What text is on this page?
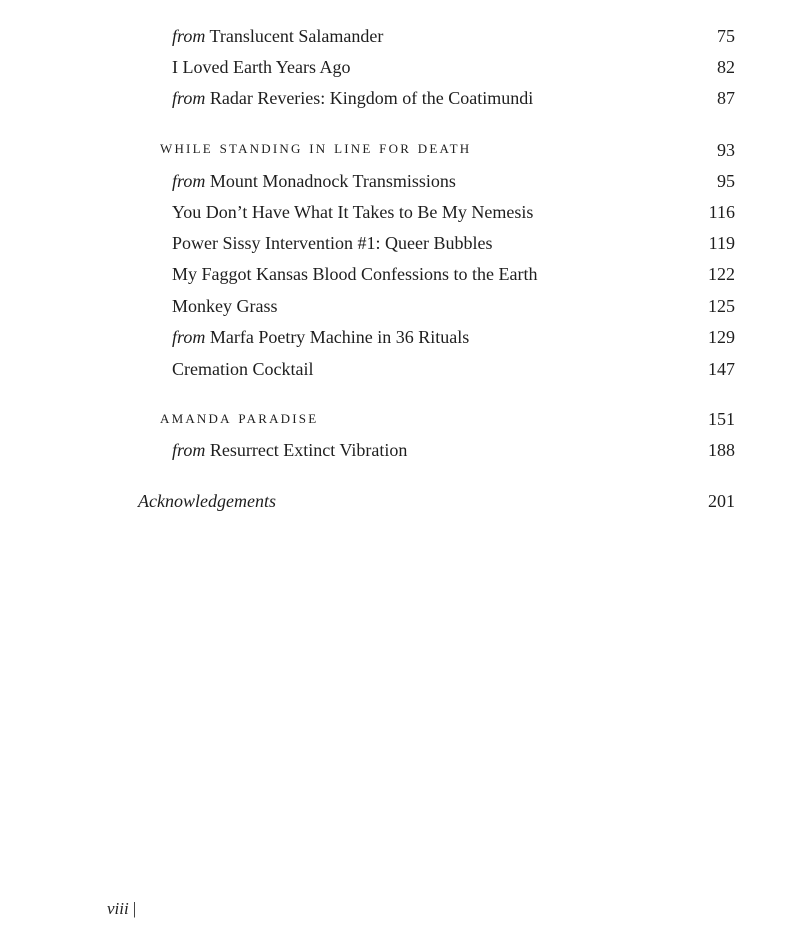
from Translucent Salamander	75
I Loved Earth Years Ago	82
from Radar Reveries: Kingdom of the Coatimundi	87
while standing in line for death	93
from Mount Monadnock Transmissions	95
You Don’t Have What It Takes to Be My Nemesis	116
Power Sissy Intervention #1: Queer Bubbles	119
My Faggot Kansas Blood Confessions to the Earth	122
Monkey Grass	125
from Marfa Poetry Machine in 36 Rituals	129
Cremation Cocktail	147
amanda paradise	151
from Resurrect Extinct Vibration	188
Acknowledgements	201
viii |
